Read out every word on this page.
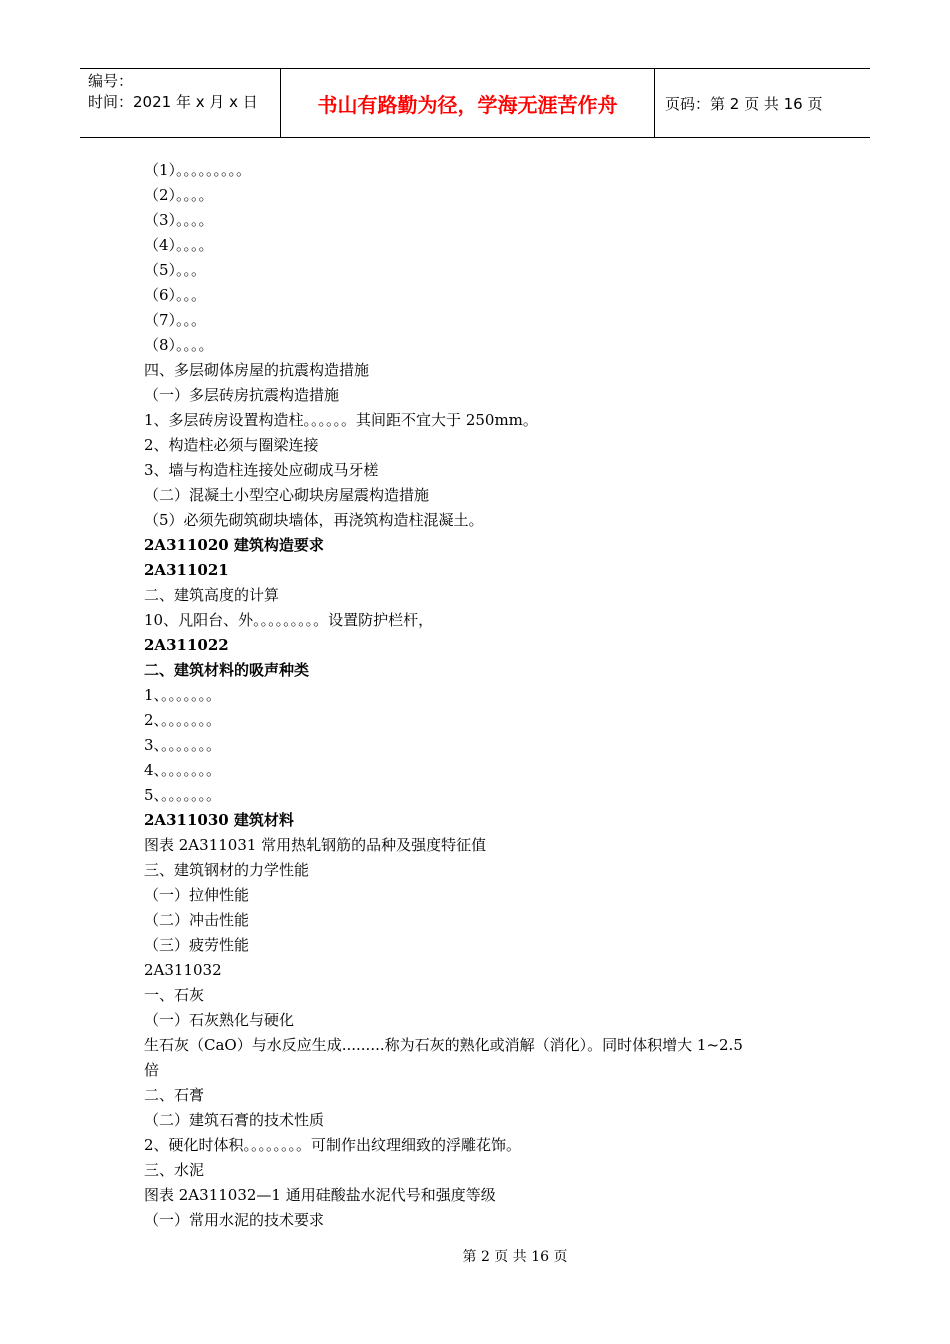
编号：
时间：2021 年 x 月 x 日	书山有路勤为径，学海无涯苦作舟	页码：第 2 页 共 16 页
（1）。。。。。。。。。
（2）。。。。
（3）。。。。
（4）。。。。
（5）。。。
（6）。。。
（7）。。。
（8）。。。。
四、多层砌体房屋的抗震构造措施
（一）多层砖房抗震构造措施
1、多层砖房设置构造柱。。。。。。其间距不宜大于 250mm。
2、构造柱必须与圈梁连接
3、墙与构造柱连接处应砌成马牙槎
（二）混凝土小型空心砌块房屋震构造措施
（5）必须先砌筑砌块墙体，再浇筑构造柱混凝土。
2A311020 建筑构造要求
2A311021
二、建筑高度的计算
10、凡阳台、外。。。。。。。。。设置防护栏杆，
2A311022
二、建筑材料的吸声种类
1、。。。。。。。
2、。。。。。。。
3、。。。。。。。
4、。。。。。。。
5、。。。。。。。
2A311030 建筑材料
图表 2A311031 常用热轧钢筋的品种及强度特征值
三、建筑钢材的力学性能
（一）拉伸性能
（二）冲击性能
（三）疲劳性能
2A311032
一、石灰
（一）石灰熟化与硬化
生石灰（CaO）与水反应生成.........称为石灰的熟化或消解（消化）。同时体积增大 1~2.5
倍
二、石膏
（二）建筑石膏的技术性质
2、硬化时体积。。。。。。。。可制作出纹理细致的浮雕花饰。
三、水泥
图表 2A311032—1 通用硅酸盐水泥代号和强度等级
（一）常用水泥的技术要求
第 2 页 共 16 页
